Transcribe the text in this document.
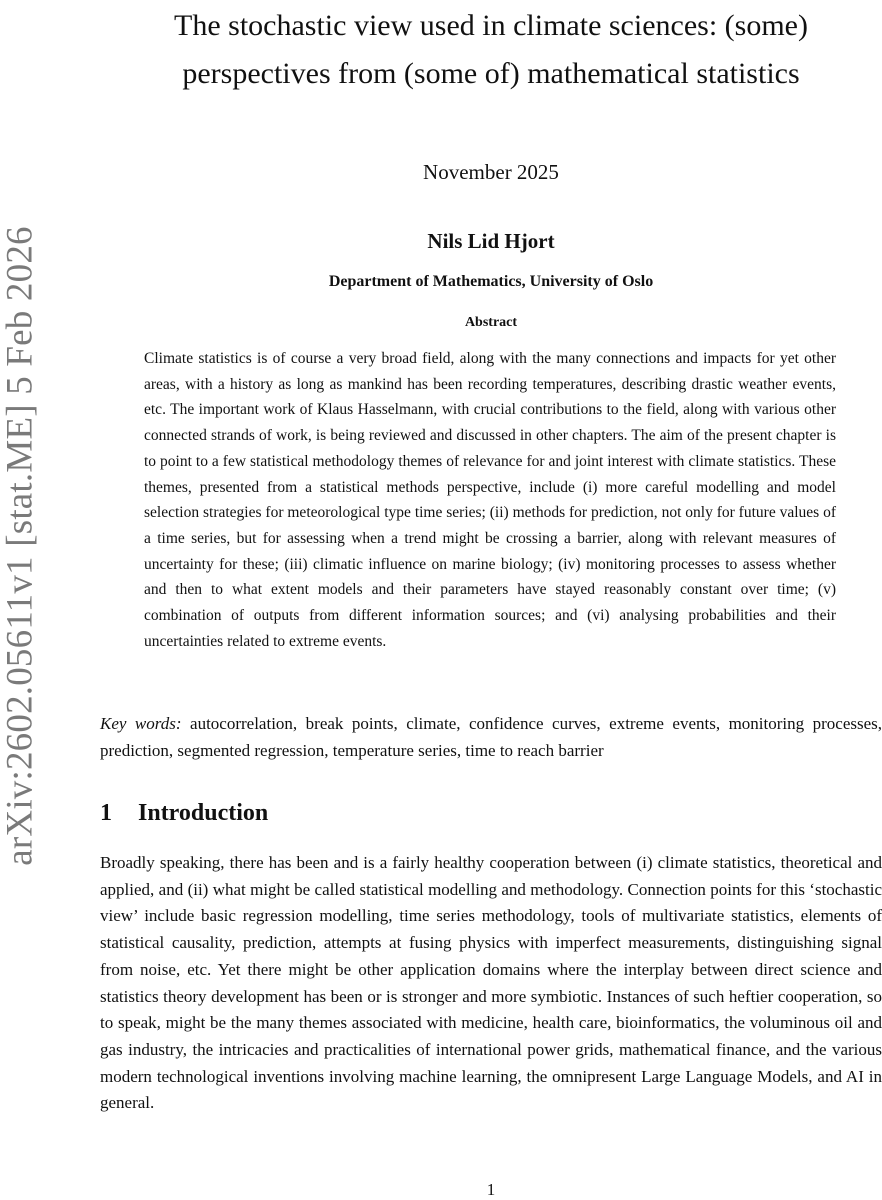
arXiv:2602.05611v1 [stat.ME] 5 Feb 2026
The stochastic view used in climate sciences: (some)
perspectives from (some of) mathematical statistics
November 2025
Nils Lid Hjort
Department of Mathematics, University of Oslo
Abstract

Climate statistics is of course a very broad field, along with the many connections and impacts for yet other areas, with a history as long as mankind has been recording temperatures, describing drastic weather events, etc. The important work of Klaus Hasselmann, with crucial contributions to the field, along with various other connected strands of work, is being reviewed and discussed in other chapters. The aim of the present chapter is to point to a few statistical methodology themes of relevance for and joint interest with climate statistics. These themes, presented from a statistical methods perspective, include (i) more careful modelling and model selection strategies for meteorological type time series; (ii) methods for prediction, not only for future values of a time series, but for assessing when a trend might be crossing a barrier, along with relevant measures of uncertainty for these; (iii) climatic influence on marine biology; (iv) monitoring processes to assess whether and then to what extent models and their parameters have stayed reasonably constant over time; (v) combination of outputs from different information sources; and (vi) analysing probabilities and their uncertainties related to extreme events.

Key words: autocorrelation, break points, climate, confidence curves, extreme events, monitoring processes, prediction, segmented regression, temperature series, time to reach barrier

1 Introduction

Broadly speaking, there has been and is a fairly healthy cooperation between (i) climate statistics, theoretical and applied, and (ii) what might be called statistical modelling and methodology. Connection points for this ‘stochastic view’ include basic regression modelling, time series methodology, tools of multivariate statistics, elements of statistical causality, prediction, attempts at fusing physics with imperfect measurements, distinguishing signal from noise, etc. Yet there might be other application domains where the interplay between direct science and statistics theory development has been or is stronger and more symbiotic. Instances of such heftier cooperation, so to speak, might be the many themes associated with medicine, health care, bioinformatics, the voluminous oil and gas industry, the intricacies and practicalities of international power grids, mathematical finance, and the various modern technological inventions involving machine learning, the omnipresent Large Language Models, and AI in general.

1
